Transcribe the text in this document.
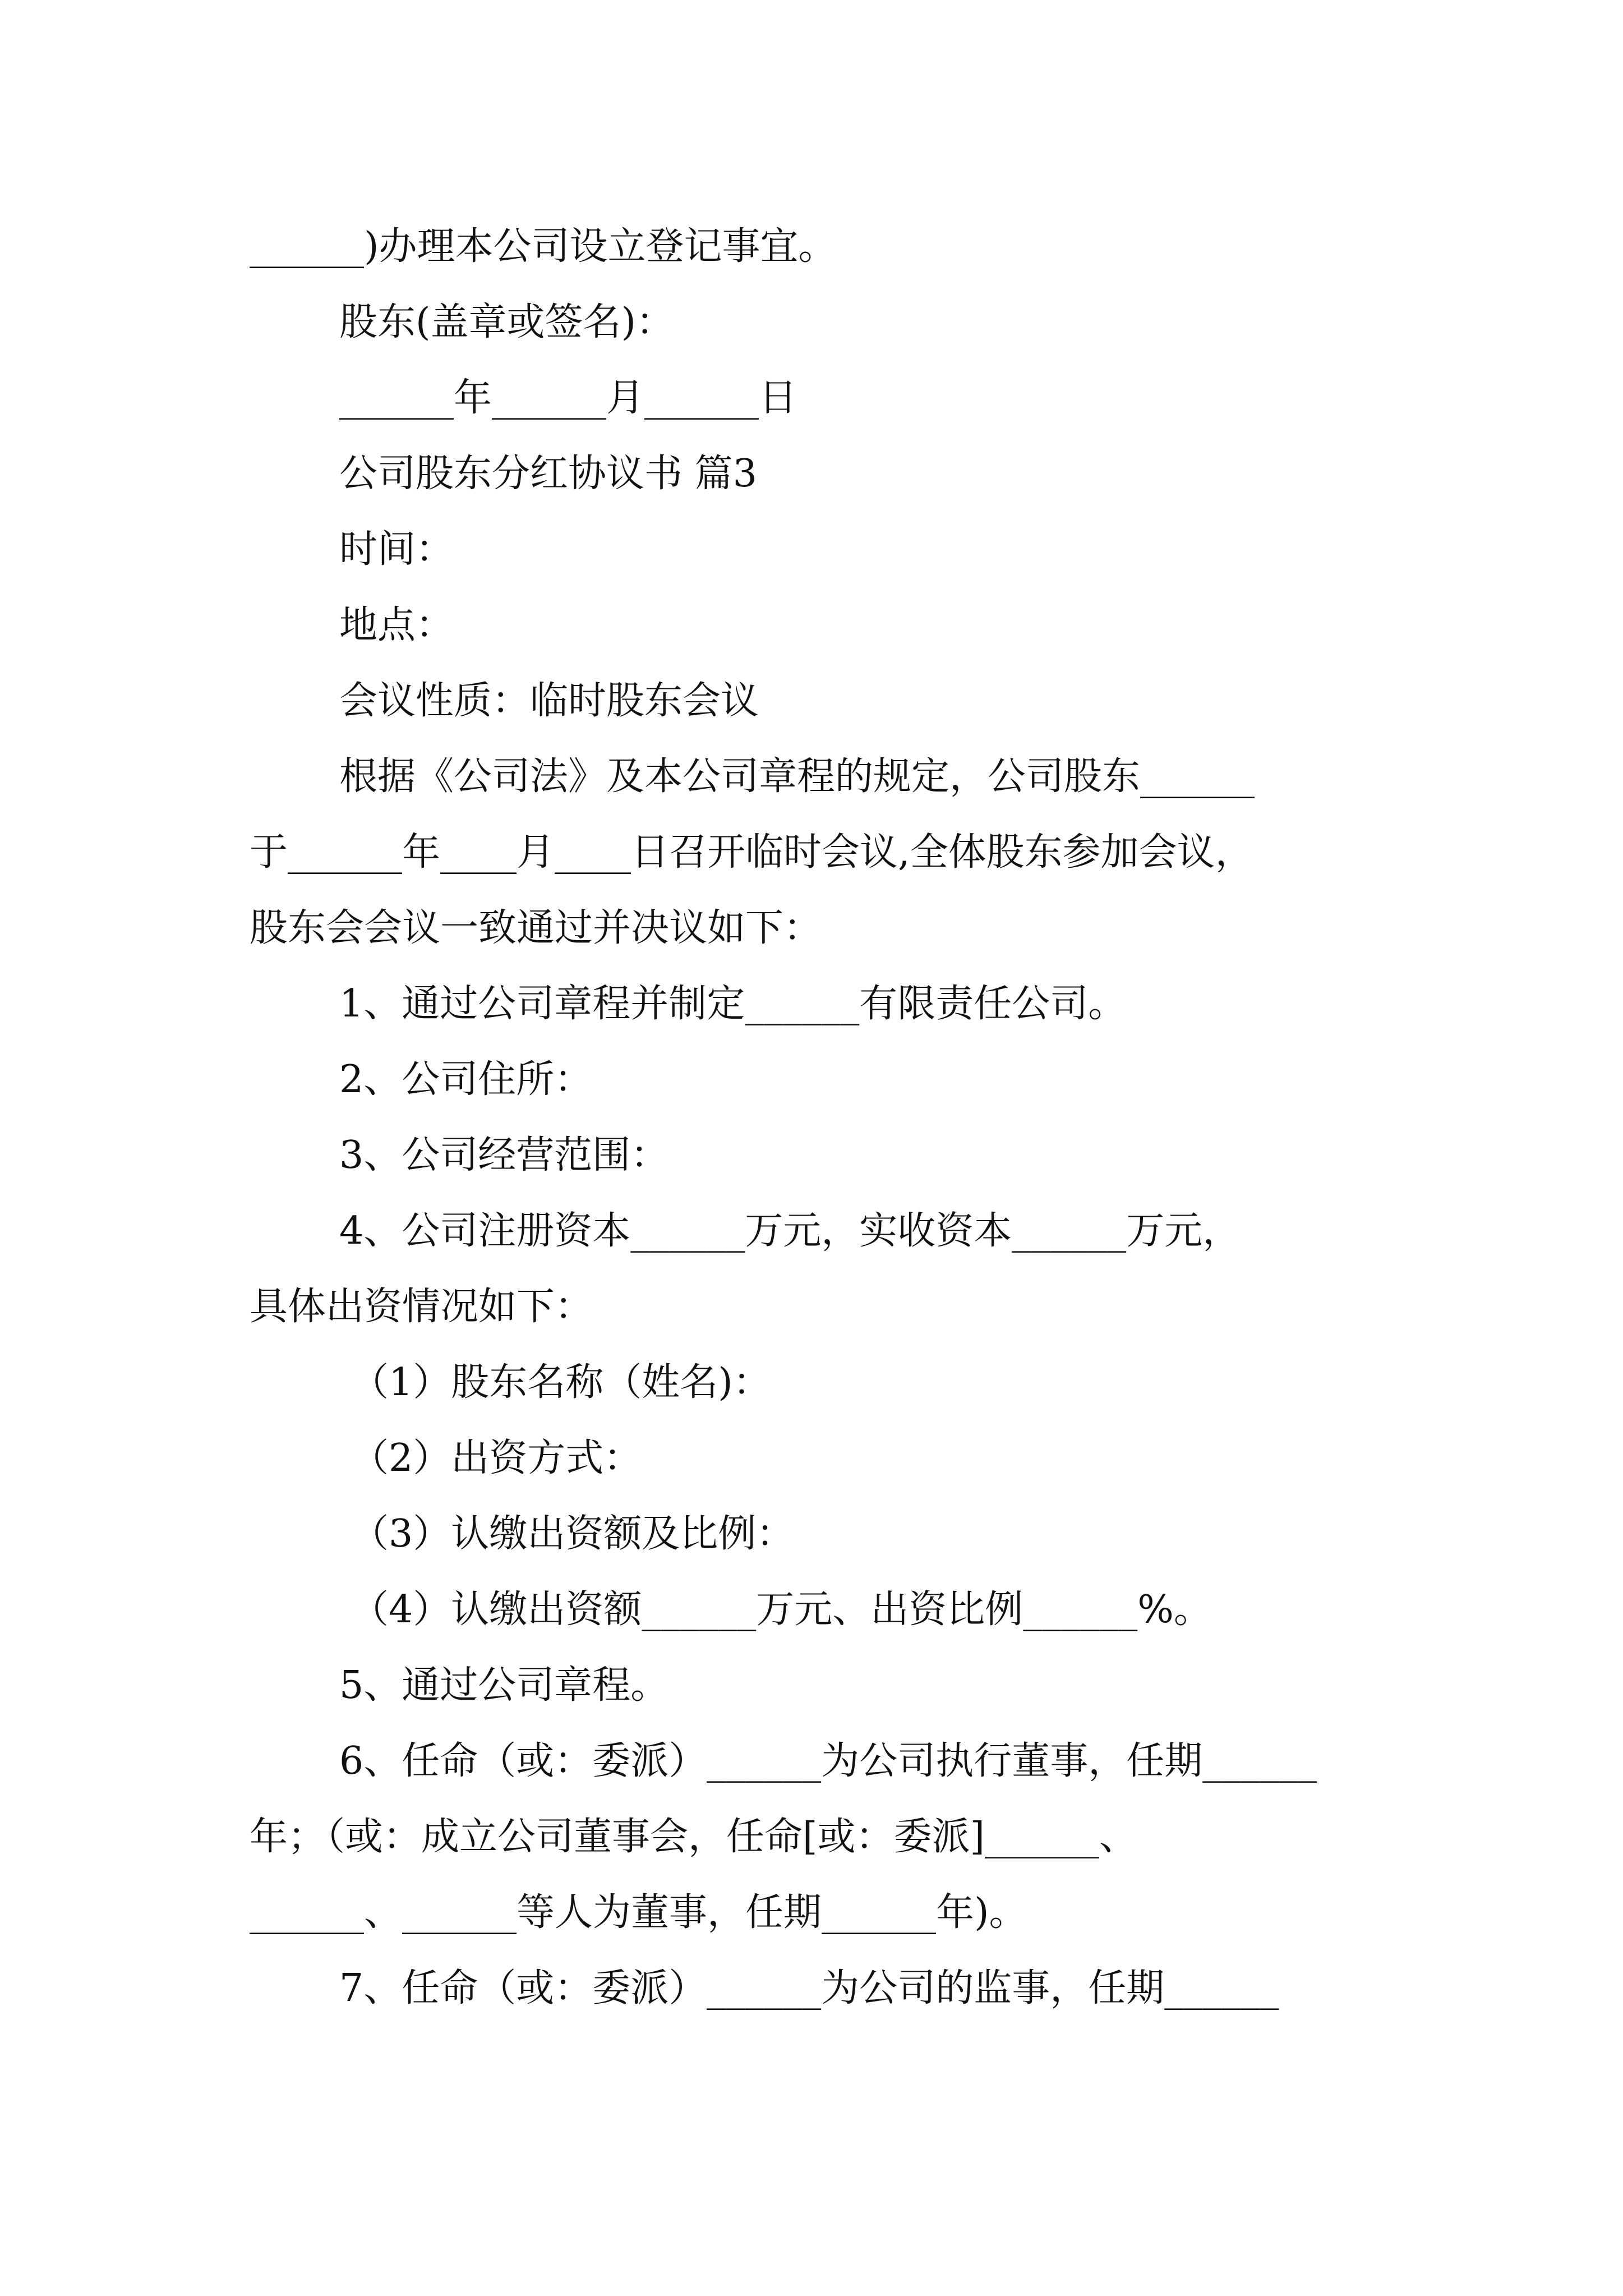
______)办理本公司设立登记事宜。
股东(盖章或签名)：
______年______月______日
公司股东分红协议书 篇3
时间：
地点：
会议性质：临时股东会议
根据《公司法》及本公司章程的规定，公司股东______
于______年____月____日召开临时会议,全体股东参加会议，
股东会会议一致通过并决议如下：
1、通过公司章程并制定______有限责任公司。
2、公司住所：
3、公司经营范围：
4、公司注册资本______万元，实收资本______万元，
具体出资情况如下：
（1）股东名称（姓名)：
（2）出资方式：
（3）认缴出资额及比例：
（4）认缴出资额______万元、出资比例______%。
5、通过公司章程。
6、任命（或：委派）______为公司执行董事，任期______
年；（或：成立公司董事会，任命[或：委派]______、
______、______等人为董事，任期______年)。
7、任命（或：委派）______为公司的监事，任期______
